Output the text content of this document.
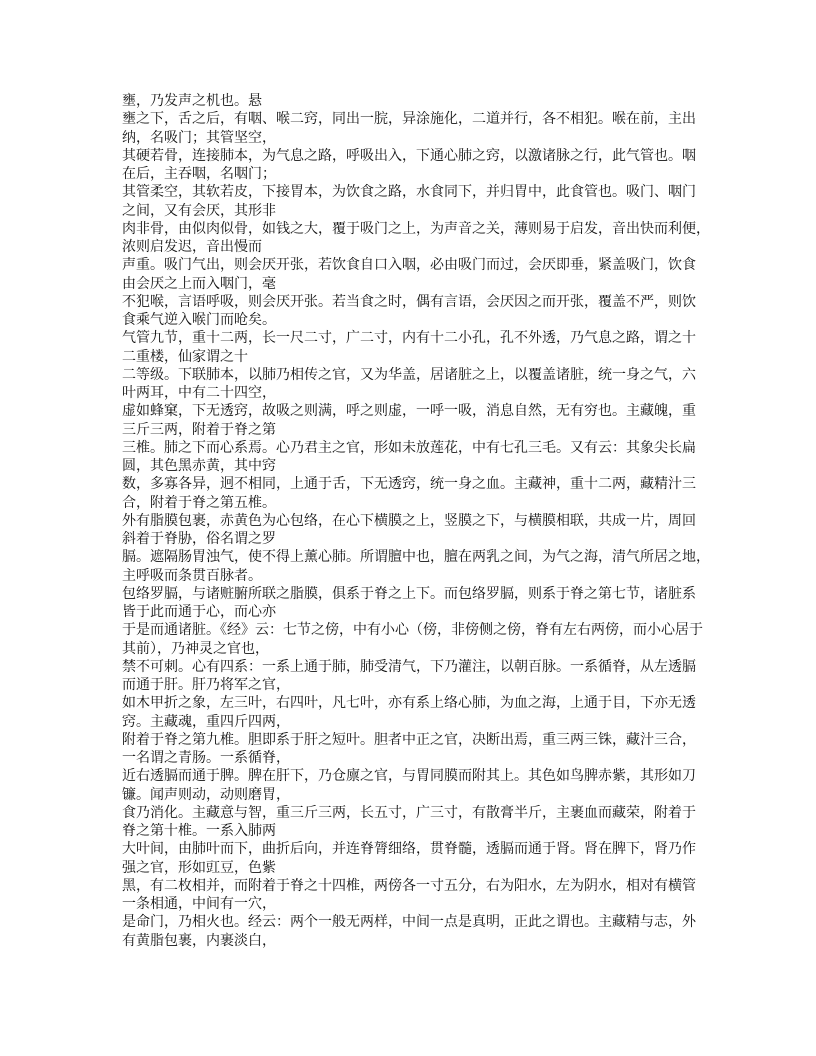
壅，乃发声之机也。悬
壅之下，舌之后，有咽、喉二窍，同出一脘，异涂施化，二道并行，各不相犯。喉在前，主出
纳，名吸门；其管坚空，
其硬若骨，连接肺本，为气息之路，呼吸出入，下通心肺之窍，以激诸脉之行，此气管也。咽
在后，主吞咽，名咽门；
其管柔空，其软若皮，下接胃本，为饮食之路，水食同下，并归胃中，此食管也。吸门、咽门
之间，又有会厌，其形非
肉非骨，由似肉似骨，如钱之大，覆于吸门之上，为声音之关，薄则易于启发，音出快而利便，
浓则启发迟，音出慢而
声重。吸门气出，则会厌开张，若饮食自口入咽，必由吸门而过，会厌即垂，紧盖吸门，饮食
由会厌之上而入咽门，毫
不犯喉，言语呼吸，则会厌开张。若当食之时，偶有言语，会厌因之而开张，覆盖不严，则饮
食乘气逆入喉门而呛矣。
气管九节，重十二两，长一尺二寸，广二寸，内有十二小孔，孔不外透，乃气息之路，谓之十
二重楼，仙家谓之十
二等级。下联肺本，以肺乃相传之官，又为华盖，居诸脏之上，以覆盖诸脏，统一身之气，六
叶两耳，中有二十四空，
虚如蜂窠，下无透窍，故吸之则满，呼之则虚，一呼一吸，消息自然，无有穷也。主藏魄，重
三斤三两，附着于脊之第
三椎。肺之下而心系焉。心乃君主之官，形如未放莲花，中有七孔三毛。又有云：其象尖长扁
圆，其色黑赤黄，其中窍
数，多寡各异，迥不相同，上通于舌，下无透窍，统一身之血。主藏神，重十二两，藏精汁三
合，附着于脊之第五椎。
外有脂膜包裹，赤黄色为心包络，在心下横膜之上，竖膜之下，与横膜相联，共成一片，周回
斜着于脊胁，俗名谓之罗
膈。遮隔肠胃浊气，使不得上薰心肺。所谓膻中也，膻在两乳之间，为气之海，清气所居之地，
主呼吸而条贯百脉者。
包络罗膈，与诸赃腑所联之脂膜，俱系于脊之上下。而包络罗膈，则系于脊之第七节，诸脏系
皆于此而通于心，而心亦
于是而通诸脏。《经》云：七节之傍，中有小心（傍，非傍侧之傍，脊有左右两傍，而小心居于
其前），乃神灵之官也，
禁不可刺。心有四系：一系上通于肺，肺受清气，下乃灌注，以朝百脉。一系循脊，从左透膈
而通于肝。肝乃将军之官，
如木甲折之象，左三叶，右四叶，凡七叶，亦有系上络心肺，为血之海，上通于目，下亦无透
窍。主藏魂，重四斤四两，
附着于脊之第九椎。胆即系于肝之短叶。胆者中正之官，决断出焉，重三两三铢，藏汁三合，
一名谓之青肠。一系循脊，
近右透膈而通于脾。脾在肝下，乃仓廪之官，与胃同膜而附其上。其色如鸟脾赤紫，其形如刀
镰。闻声则动，动则磨胃，
食乃消化。主藏意与智，重三斤三两，长五寸，广三寸，有散膏半斤，主裹血而藏荣，附着于
脊之第十椎。一系入肺两
大叶间，由肺叶而下，曲折后向，并连脊膂细络，贯脊髓，透膈而通于肾。肾在脾下，肾乃作
强之官，形如豇豆，色紫
黑，有二枚相并，而附着于脊之十四椎，两傍各一寸五分，右为阳水，左为阴水，相对有横管
一条相通，中间有一穴，
是命门，乃相火也。经云：两个一般无两样，中间一点是真明，正此之谓也。主藏精与志，外
有黄脂包裹，内裹淡白，
